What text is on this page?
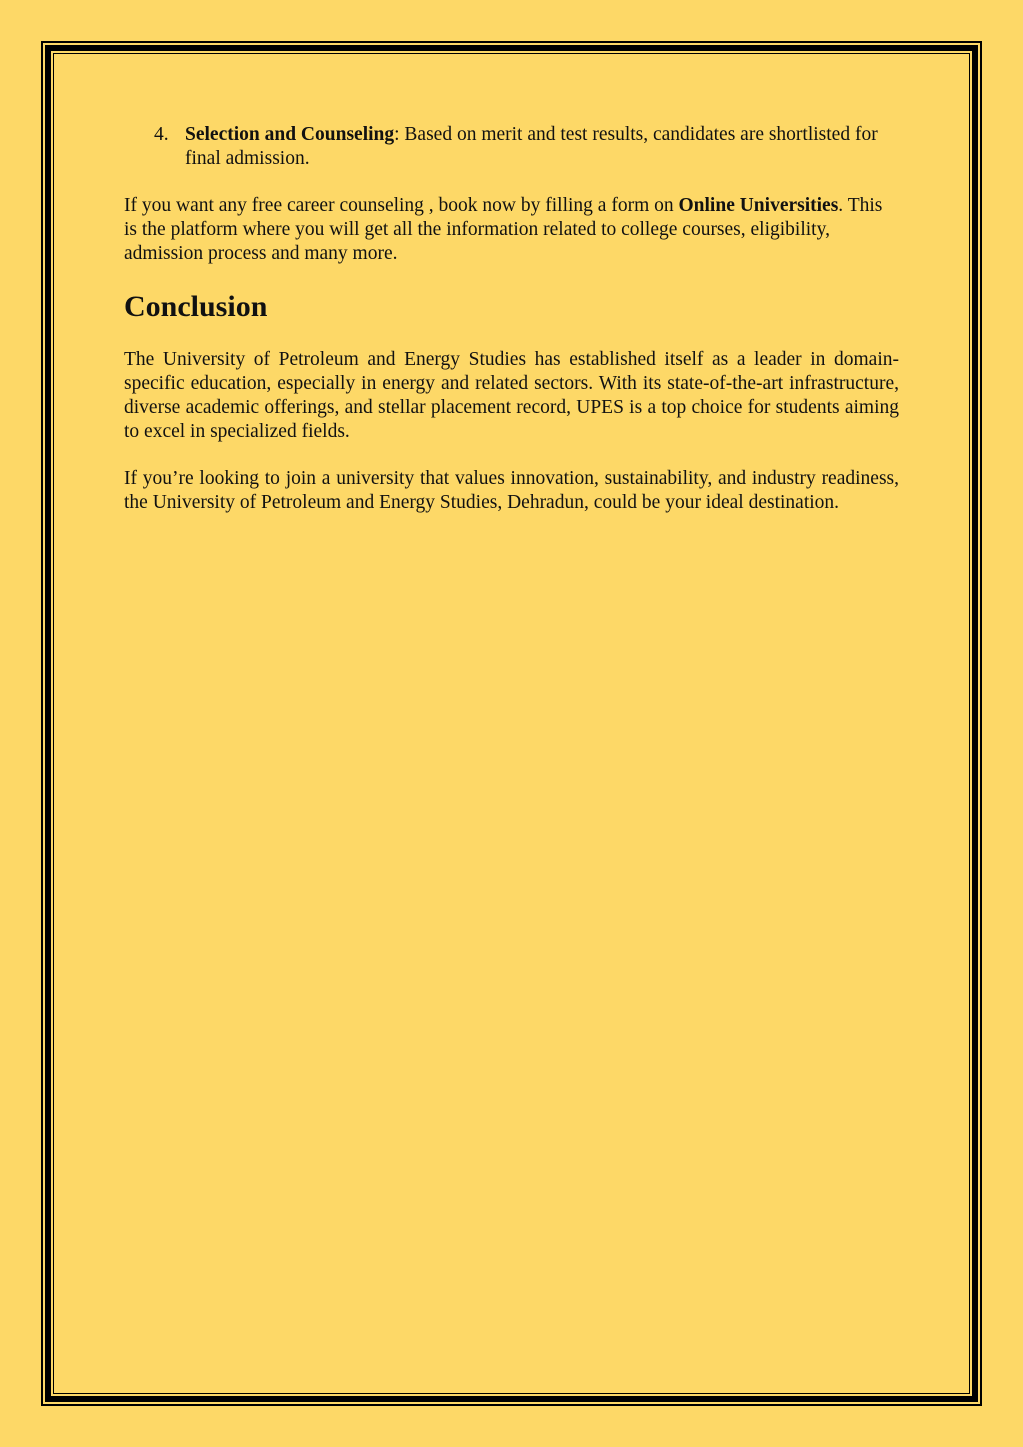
4. Selection and Counseling: Based on merit and test results, candidates are shortlisted for final admission.

If you want any free career counseling , book now by filling a form on Online Universities. This is the platform where you will get all the information related to college courses, eligibility, admission process and many more.

Conclusion

The University of Petroleum and Energy Studies has established itself as a leader in domain-specific education, especially in energy and related sectors. With its state-of-the-art infrastructure, diverse academic offerings, and stellar placement record, UPES is a top choice for students aiming to excel in specialized fields.

If you’re looking to join a university that values innovation, sustainability, and industry readiness, the University of Petroleum and Energy Studies, Dehradun, could be your ideal destination.
